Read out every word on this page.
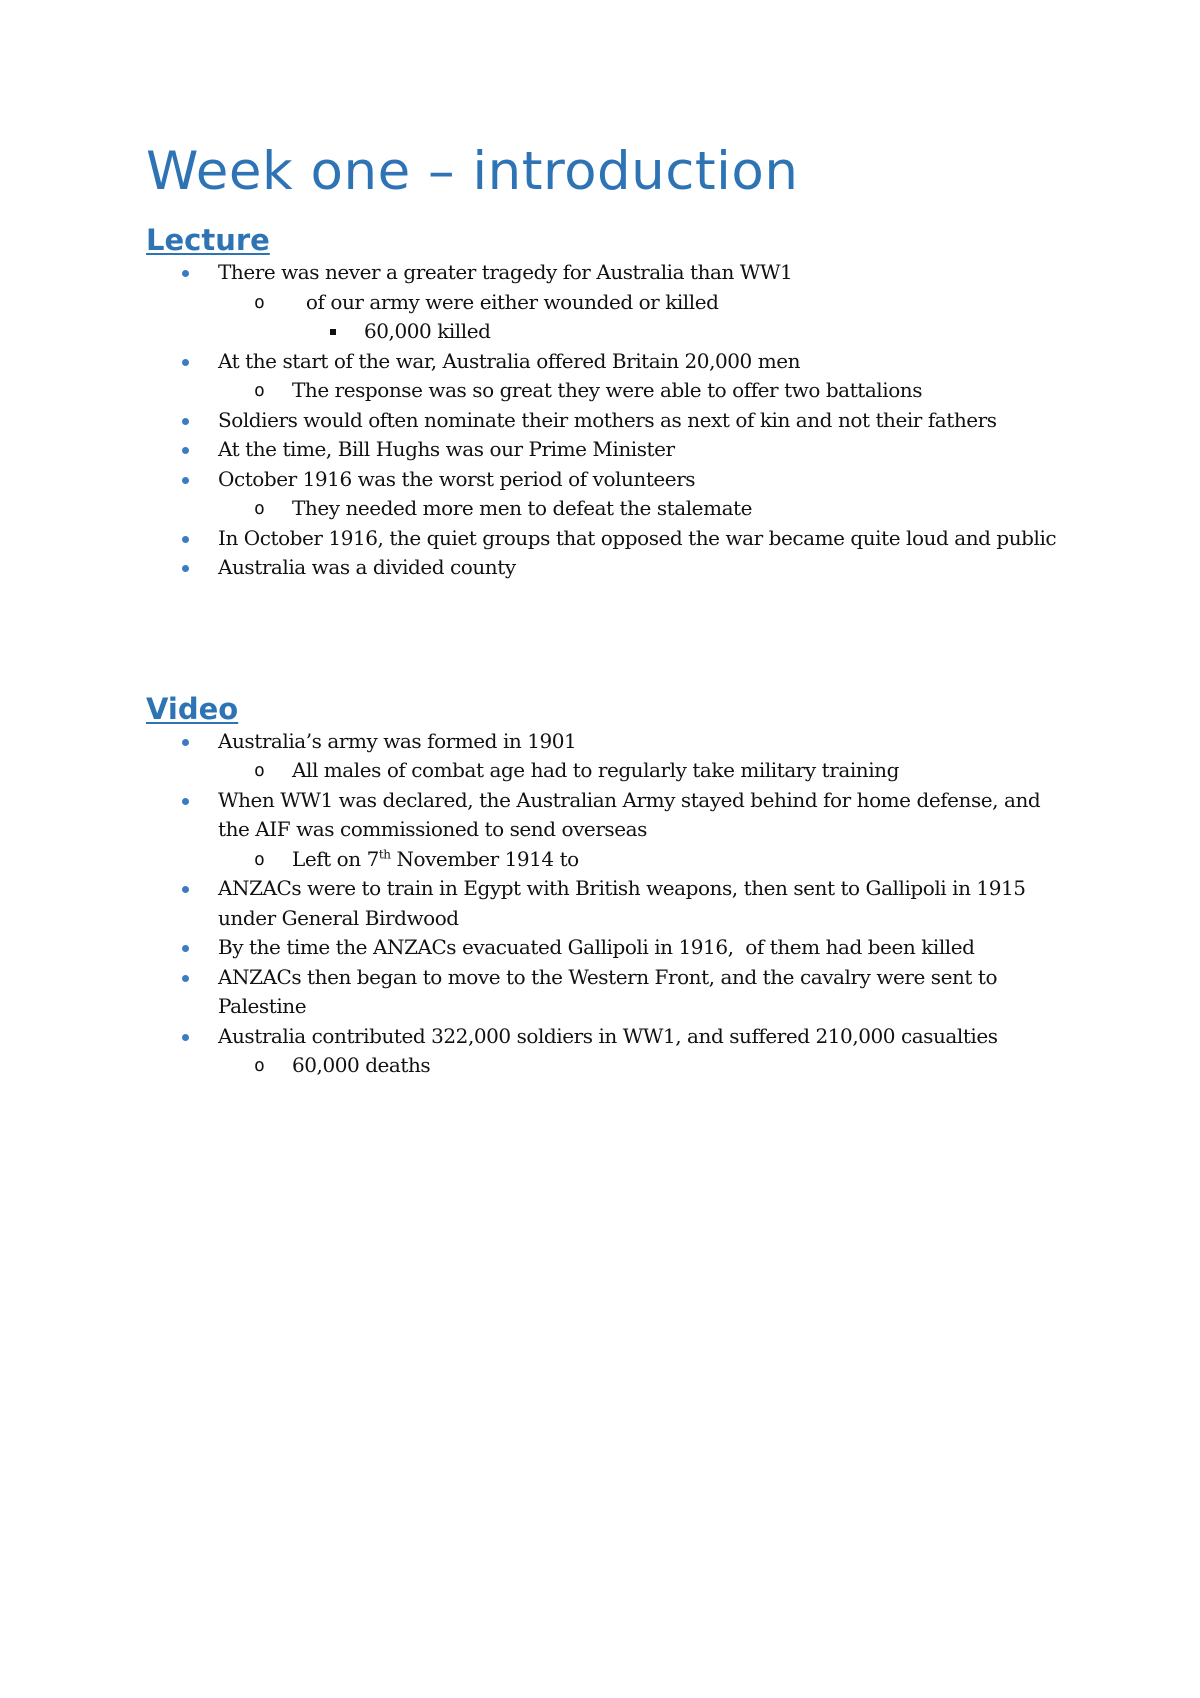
Week one – introduction
Lecture
There was never a greater tragedy for Australia than WW1
o of our army were either wounded or killed
60,000 killed
At the start of the war, Australia offered Britain 20,000 men
o The response was so great they were able to offer two battalions
Soldiers would often nominate their mothers as next of kin and not their fathers
At the time, Bill Hughs was our Prime Minister
October 1916 was the worst period of volunteers
o They needed more men to defeat the stalemate
In October 1916, the quiet groups that opposed the war became quite loud and public
Australia was a divided county
Video
Australia’s army was formed in 1901
o All males of combat age had to regularly take military training
When WW1 was declared, the Australian Army stayed behind for home defense, and the AIF was commissioned to send overseas
o Left on 7th November 1914 to
ANZACs were to train in Egypt with British weapons, then sent to Gallipoli in 1915 under General Birdwood
By the time the ANZACs evacuated Gallipoli in 1916,  of them had been killed
ANZACs then began to move to the Western Front, and the cavalry were sent to Palestine
Australia contributed 322,000 soldiers in WW1, and suffered 210,000 casualties
o 60,000 deaths
